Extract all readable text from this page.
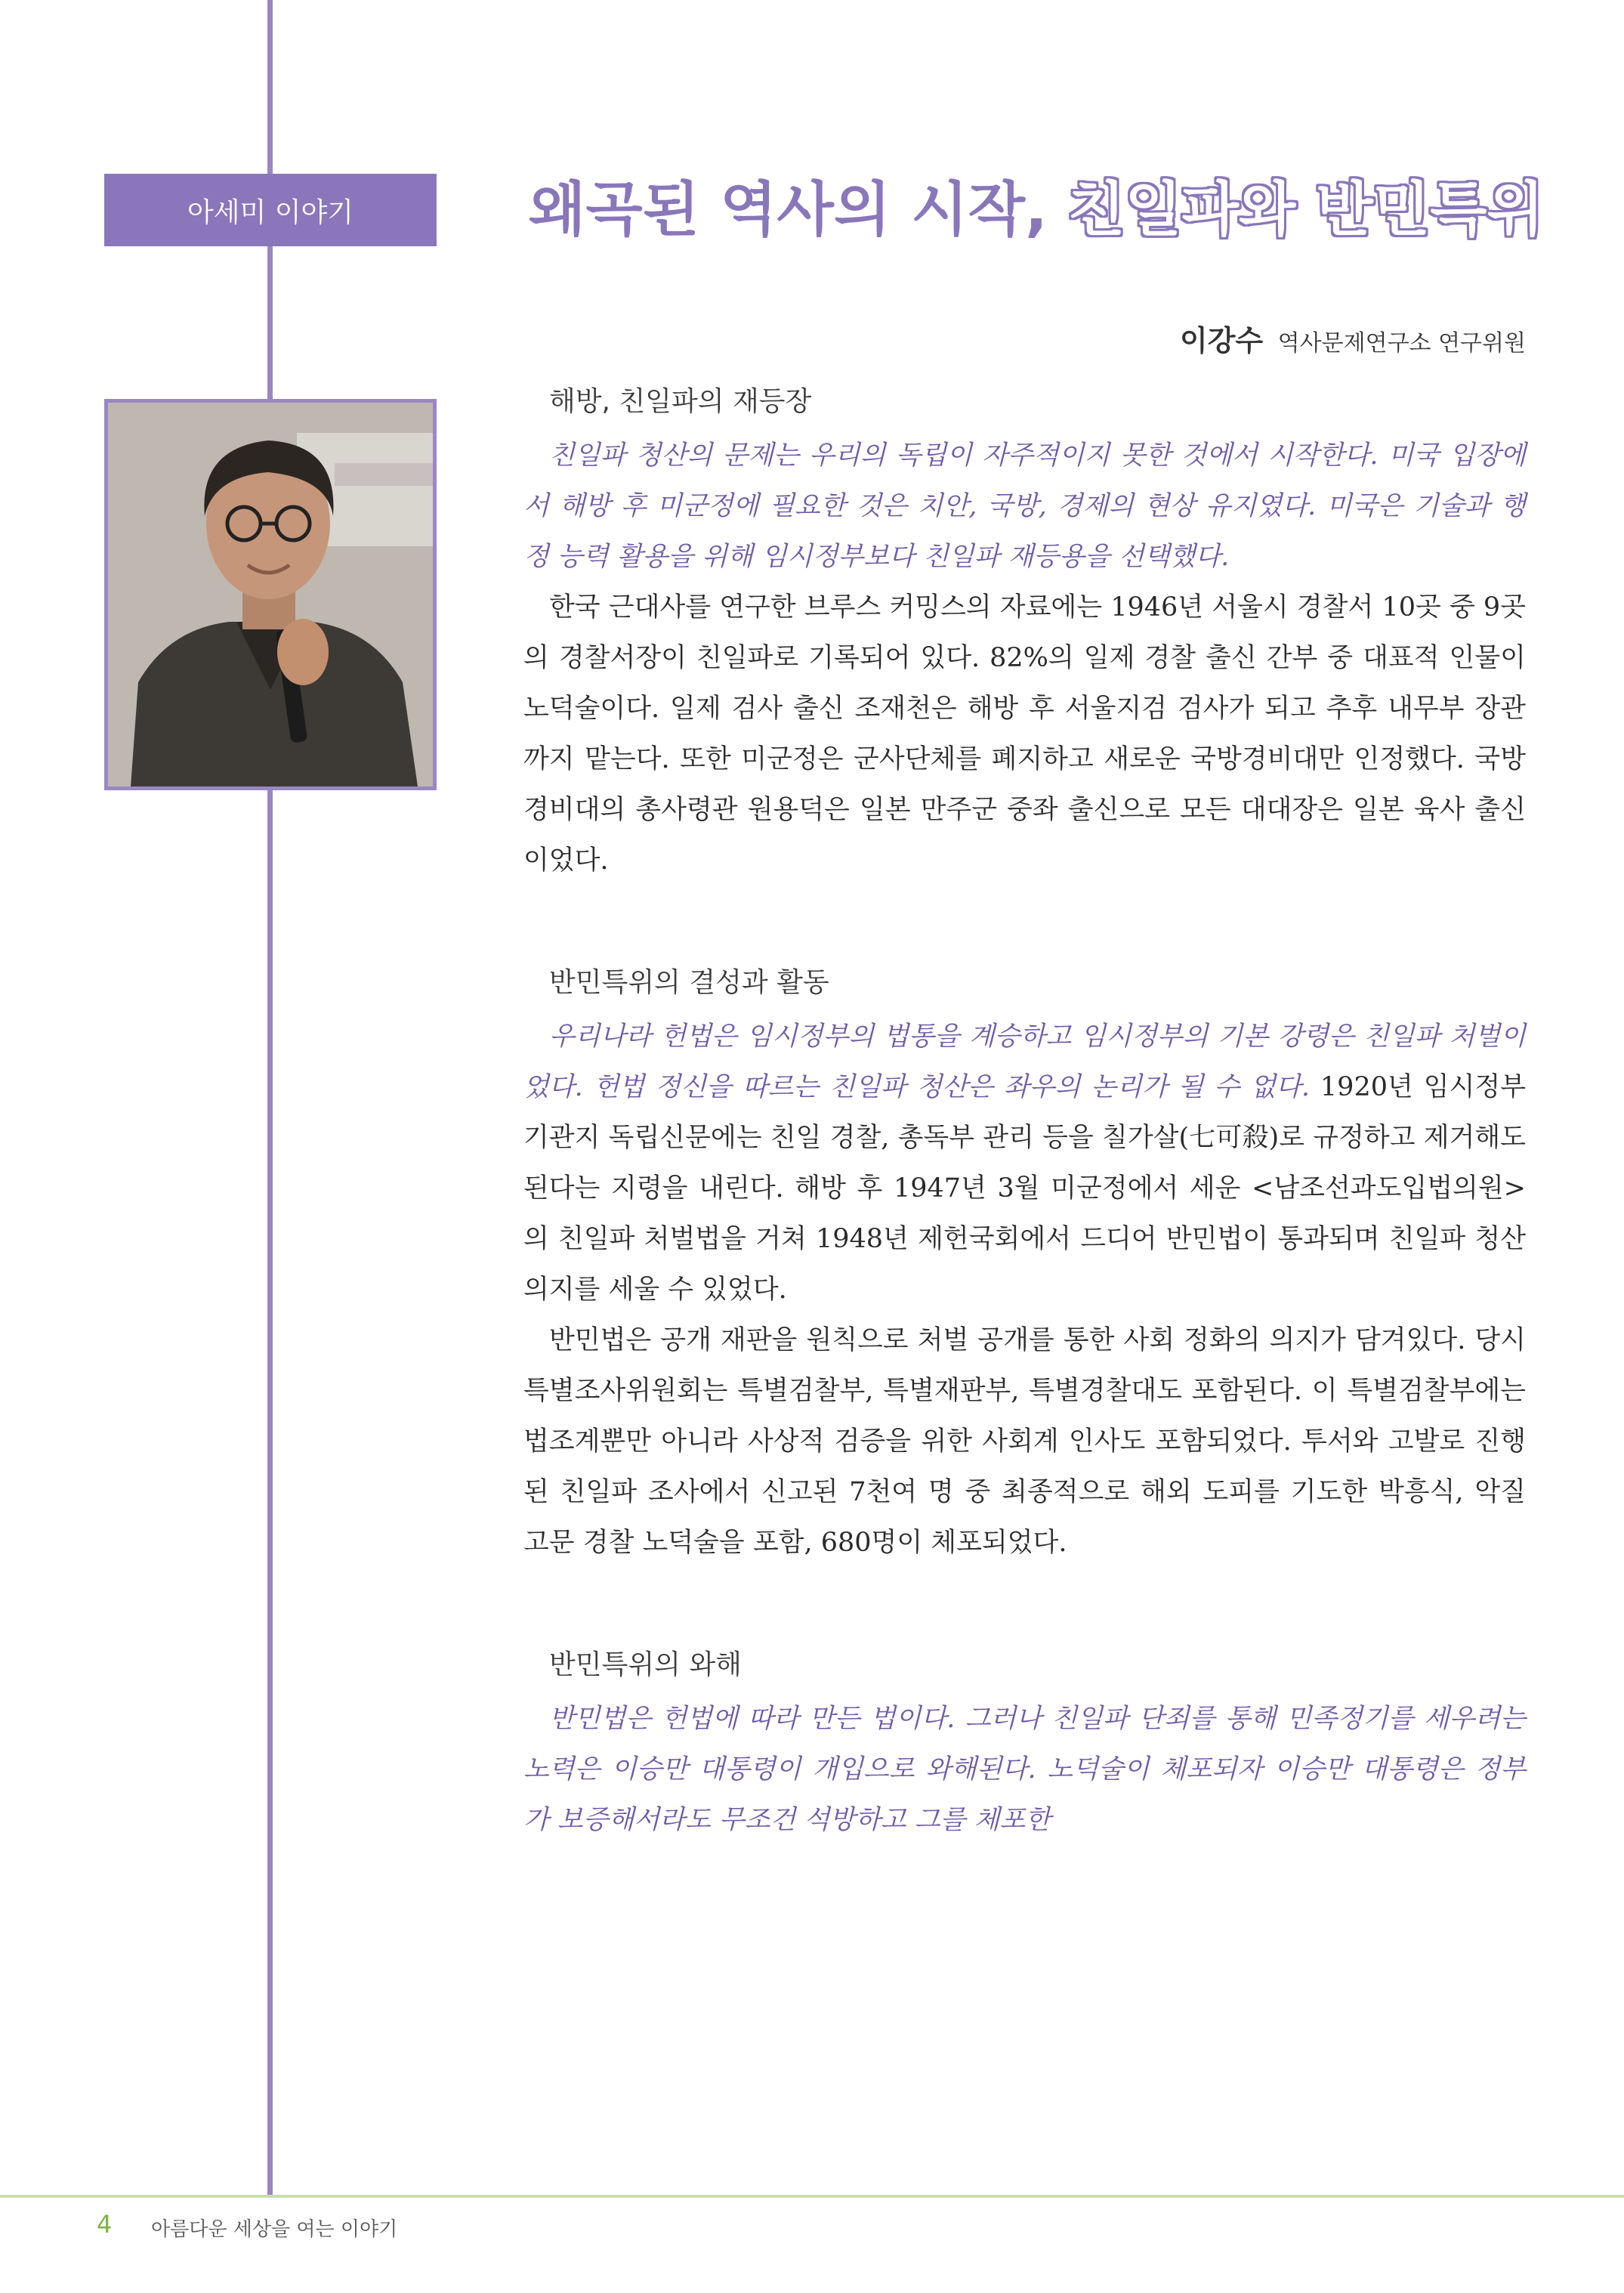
아세미 이야기	왜곡된 역사의 시작, 친일파와 반민특위
이강수 역사문제연구소 연구위원
해방, 친일파의 재등장

친일파 청산의 문제는 우리의 독립이 자주적이지 못한 것에서 시작한다. 미국 입장에서 해방 후 미군정에 필요한 것은 치안, 국방, 경제의 현상 유지였다. 미국은 기술과 행정 능력 활용을 위해 임시정부보다 친일파 재등용을 선택했다.

한국 근대사를 연구한 브루스 커밍스의 자료에는 1946년 서울시 경찰서 10곳 중 9곳의 경찰서장이 친일파로 기록되어 있다. 82%의 일제 경찰 출신 간부 중 대표적 인물이 노덕술이다. 일제 검사 출신 조재천은 해방 후 서울지검 검사가 되고 추후 내무부 장관까지 맡는다. 또한 미군정은 군사단체를 폐지하고 새로운 국방경비대만 인정했다. 국방경비대의 총사령관 원용덕은 일본 만주군 중좌 출신으로 모든 대대장은 일본 육사 출신이었다.

반민특위의 결성과 활동

우리나라 헌법은 임시정부의 법통을 계승하고 임시정부의 기본 강령은 친일파 처벌이었다. 헌법 정신을 따르는 친일파 청산은 좌우의 논리가 될 수 없다. 1920년 임시정부 기관지 독립신문에는 친일 경찰, 총독부 관리 등을 칠가살(七可殺)로 규정하고 제거해도 된다는 지령을 내린다. 해방 후 1947년 3월 미군정에서 세운 <남조선과도입법의원>의 친일파 처벌법을 거쳐 1948년 제헌국회에서 드디어 반민법이 통과되며 친일파 청산 의지를 세울 수 있었다.

반민법은 공개 재판을 원칙으로 처벌 공개를 통한 사회 정화의 의지가 담겨있다. 당시 특별조사위원회는 특별검찰부, 특별재판부, 특별경찰대도 포함된다. 이 특별검찰부에는 법조계뿐만 아니라 사상적 검증을 위한 사회계 인사도 포함되었다. 투서와 고발로 진행된 친일파 조사에서 신고된 7천여 명 중 최종적으로 해외 도피를 기도한 박흥식, 악질 고문 경찰 노덕술을 포함, 680명이 체포되었다.

반민특위의 와해

반민법은 헌법에 따라 만든 법이다. 그러나 친일파 단죄를 통해 민족정기를 세우려는 노력은 이승만 대통령이 개입으로 와해된다. 노덕술이 체포되자 이승만 대통령은 정부가 보증해서라도 무조건 석방하고 그를 체포한

4 아름다운 세상을 여는 이야기
